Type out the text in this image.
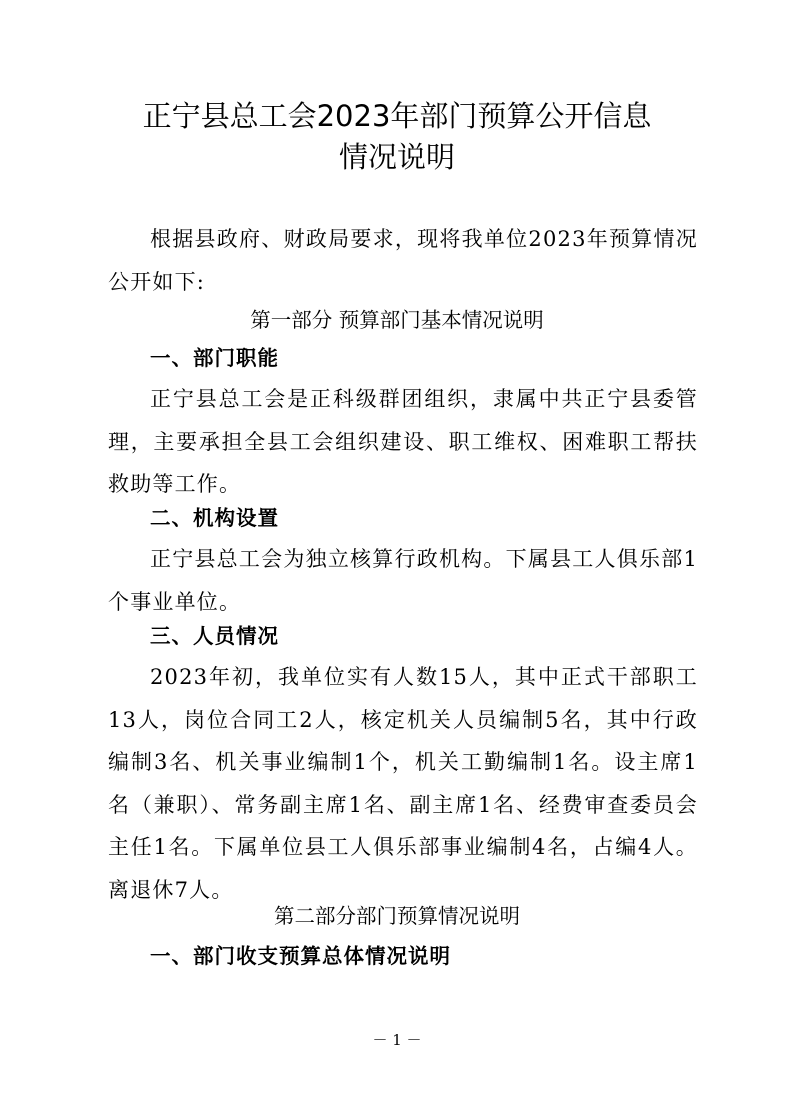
正宁县总工会2023年部门预算公开信息
情况说明

根据县政府、财政局要求，现将我单位2023年预算情况公开如下:

第一部分 预算部门基本情况说明
一、部门职能

正宁县总工会是正科级群团组织，隶属中共正宁县委管理，主要承担全县工会组织建设、职工维权、困难职工帮扶救助等工作。

二、机构设置

正宁县总工会为独立核算行政机构。下属县工人俱乐部1个事业单位。

三、人员情况

2023年初，我单位实有人数15人，其中正式干部职工13人，岗位合同工2人，核定机关人员编制5名，其中行政编制3名、机关事业编制1个，机关工勤编制1名。设主席1名（兼职）、常务副主席1名、副主席1名、经费审查委员会主任1名。下属单位县工人俱乐部事业编制4名，占编4人。离退休7人。

第二部分部门预算情况说明
一、部门收支预算总体情况说明
－ 1 －
